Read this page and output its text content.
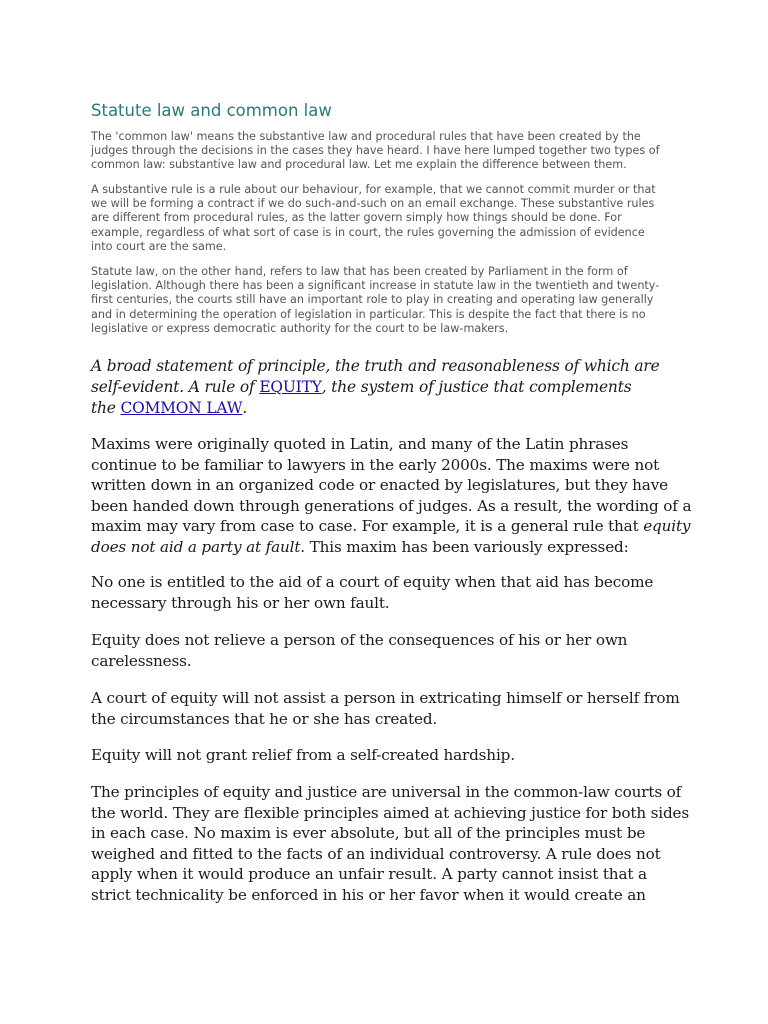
Statute law and common law

The 'common law' means the substantive law and procedural rules that have been created by the
judges through the decisions in the cases they have heard. I have here lumped together two types of
common law: substantive law and procedural law. Let me explain the difference between them.

A substantive rule is a rule about our behaviour, for example, that we cannot commit murder or that
we will be forming a contract if we do such-and-such on an email exchange. These substantive rules
are different from procedural rules, as the latter govern simply how things should be done. For
example, regardless of what sort of case is in court, the rules governing the admission of evidence
into court are the same.

Statute law, on the other hand, refers to law that has been created by Parliament in the form of
legislation. Although there has been a significant increase in statute law in the twentieth and twenty-
first centuries, the courts still have an important role to play in creating and operating law generally
and in determining the operation of legislation in particular. This is despite the fact that there is no
legislative or express democratic authority for the court to be law-makers.

A broad statement of principle, the truth and reasonableness of which are
self-evident. A rule of EQUITY, the system of justice that complements
the COMMON LAW.

Maxims were originally quoted in Latin, and many of the Latin phrases
continue to be familiar to lawyers in the early 2000s. The maxims were not
written down in an organized code or enacted by legislatures, but they have
been handed down through generations of judges. As a result, the wording of a
maxim may vary from case to case. For example, it is a general rule that equity
does not aid a party at fault. This maxim has been variously expressed:

No one is entitled to the aid of a court of equity when that aid has become
necessary through his or her own fault.

Equity does not relieve a person of the consequences of his or her own
carelessness.

A court of equity will not assist a person in extricating himself or herself from
the circumstances that he or she has created.

Equity will not grant relief from a self-created hardship.

The principles of equity and justice are universal in the common-law courts of
the world. They are flexible principles aimed at achieving justice for both sides
in each case. No maxim is ever absolute, but all of the principles must be
weighed and fitted to the facts of an individual controversy. A rule does not
apply when it would produce an unfair result. A party cannot insist that a
strict technicality be enforced in his or her favor when it would create an
